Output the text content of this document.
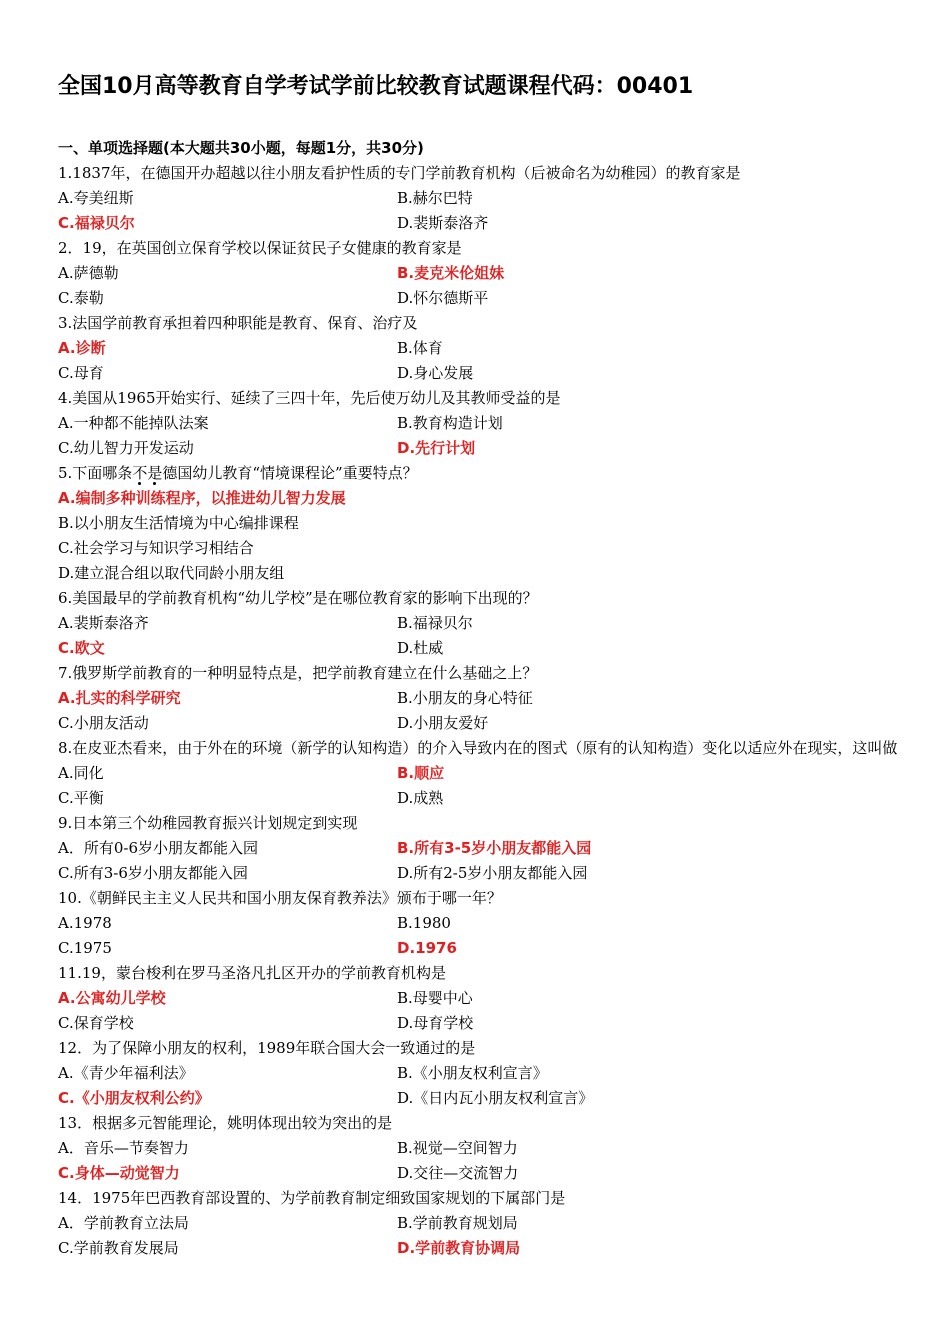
全国10月高等教育自学考试学前比较教育试题课程代码：00401
一、单项选择题(本大题共30小题，每题1分，共30分)
1.1837年，在德国开办超越以往小朋友看护性质的专门学前教育机构（后被命名为幼稚园）的教育家是
A.夸美纽斯	B.赫尔巴特
C.福禄贝尔	D.裴斯泰洛齐
2．19，在英国创立保育学校以保证贫民子女健康的教育家是
A.萨德勒	B.麦克米伦姐妹
C.泰勒	D.怀尔德斯平
3.法国学前教育承担着四种职能是教育、保育、治疗及
A.诊断	B.体育
C.母育	D.身心发展
4.美国从1965开始实行、延续了三四十年，先后使万幼儿及其教师受益的是
A.一种都不能掉队法案	B.教育构造计划
C.幼儿智力开发运动	D.先行计划
5.下面哪条不是德国幼儿教育“情境课程论”重要特点？
A.编制多种训练程序，以推进幼儿智力发展
B.以小朋友生活情境为中心编排课程
C.社会学习与知识学习相结合
D.建立混合组以取代同龄小朋友组
6.美国最早的学前教育机构“幼儿学校”是在哪位教育家的影响下出现的？
A.裴斯泰洛齐	B.福禄贝尔
C.欧文	D.杜威
7.俄罗斯学前教育的一种明显特点是，把学前教育建立在什么基础之上？
A.扎实的科学研究	B.小朋友的身心特征
C.小朋友活动	D.小朋友爱好
8.在皮亚杰看来，由于外在的环境（新学的认知构造）的介入导致内在的图式（原有的认知构造）变化以适应外在现实，这叫做
A.同化	B.顺应
C.平衡	D.成熟
9.日本第三个幼稚园教育振兴计划规定到实现
A．所有0-6岁小朋友都能入园	B.所有3-5岁小朋友都能入园
C.所有3-6岁小朋友都能入园	D.所有2-5岁小朋友都能入园
10.《朝鲜民主主义人民共和国小朋友保育教养法》颁布于哪一年？
A.1978	B.1980
C.1975	D.1976
11.19，蒙台梭利在罗马圣洛凡扎区开办的学前教育机构是
A.公寓幼儿学校	B.母婴中心
C.保育学校	D.母育学校
12．为了保障小朋友的权利，1989年联合国大会一致通过的是
A.《青少年福利法》	B.《小朋友权利宣言》
C.《小朋友权利公约》	D.《日内瓦小朋友权利宣言》
13．根据多元智能理论，姚明体现出较为突出的是
A．音乐—节奏智力	B.视觉—空间智力
C.身体—动觉智力	D.交往—交流智力
14．1975年巴西教育部设置的、为学前教育制定细致国家规划的下属部门是
A．学前教育立法局	B.学前教育规划局
C.学前教育发展局	D.学前教育协调局
